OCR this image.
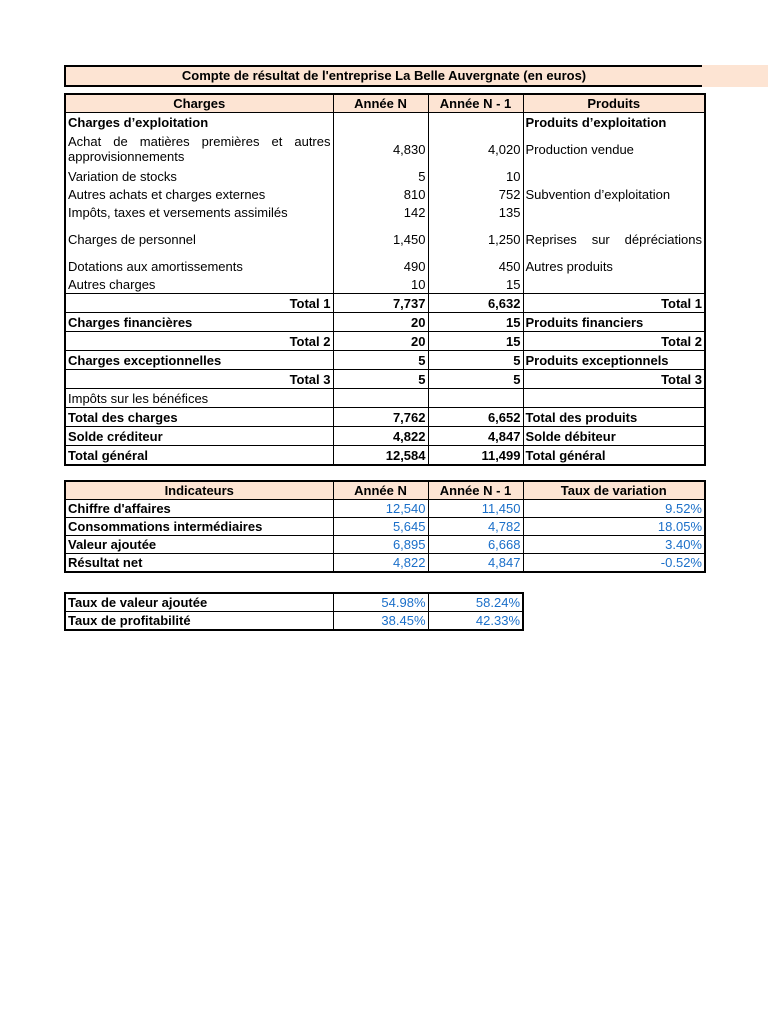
Compte de résultat de l'entreprise La Belle Auvergnate (en euros)
Charges	Année N	Année N - 1	Produits
Charges d’exploitation			Produits d’exploitation
Achat de matières premières et autres approvisionnements	4,830	4,020	Production vendue
Variation de stocks	5	10	
Autres achats et charges externes	810	752	Subvention d’exploitation
Impôts, taxes et versements assimilés	142	135	
Charges de personnel	1,450	1,250	Reprises sur dépréciations
Dotations aux amortissements	490	450	Autres produits
Autres charges	10	15	
Total 1	7,737	6,632	Total 1
Charges financières	20	15	Produits financiers
Total 2	20	15	Total 2
Charges exceptionnelles	5	5	Produits exceptionnels
Total 3	5	5	Total 3
Impôts sur les bénéfices			
Total des charges	7,762	6,652	Total des produits
Solde créditeur	4,822	4,847	Solde débiteur
Total général	12,584	11,499	Total général
Indicateurs	Année N	Année N - 1	Taux de variation
Chiffre d'affaires	12,540	11,450	9.52%
Consommations intermédiaires	5,645	4,782	18.05%
Valeur ajoutée	6,895	6,668	3.40%
Résultat net	4,822	4,847	-0.52%
Taux de valeur ajoutée	54.98%	58.24%
Taux de profitabilité	38.45%	42.33%
